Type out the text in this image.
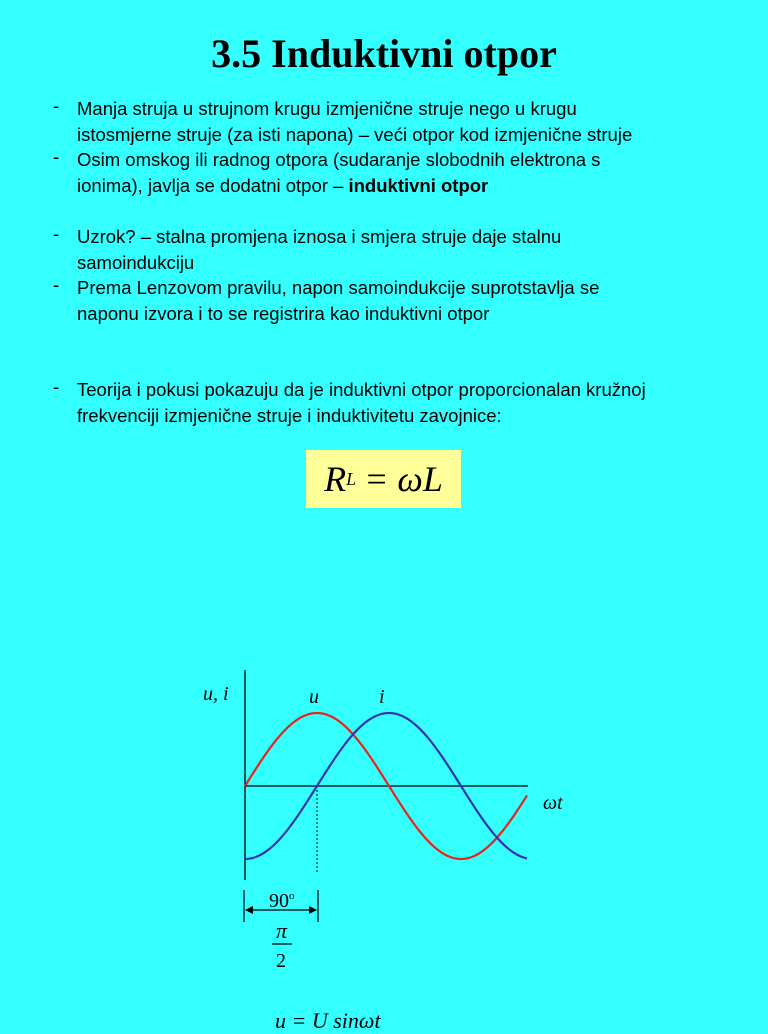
3.5 Induktivni otpor
- Manja struja u strujnom krugu izmjenične struje nego u krugu
istosmjerne struje (za isti napona) – veći otpor kod izmjenične struje
- Osim omskog ili radnog otpora (sudaranje slobodnih elektrona s
ionima), javlja se dodatni otpor – induktivni otpor
- Uzrok? – stalna promjena iznosa i smjera struje daje stalnu
samoindukciju
- Prema Lenzovom pravilu, napon samoindukcije suprotstavlja se
naponu izvora i to se registrira kao induktivni otpor
- Teorija i pokusi pokazuju da je induktivni otpor proporcionalan kružnoj
frekvenciji izmjenične struje i induktivitetu zavojnice:
R L = ωL
u, i	u	i
ωt
90$^o$
π
2
u = U sinωt
